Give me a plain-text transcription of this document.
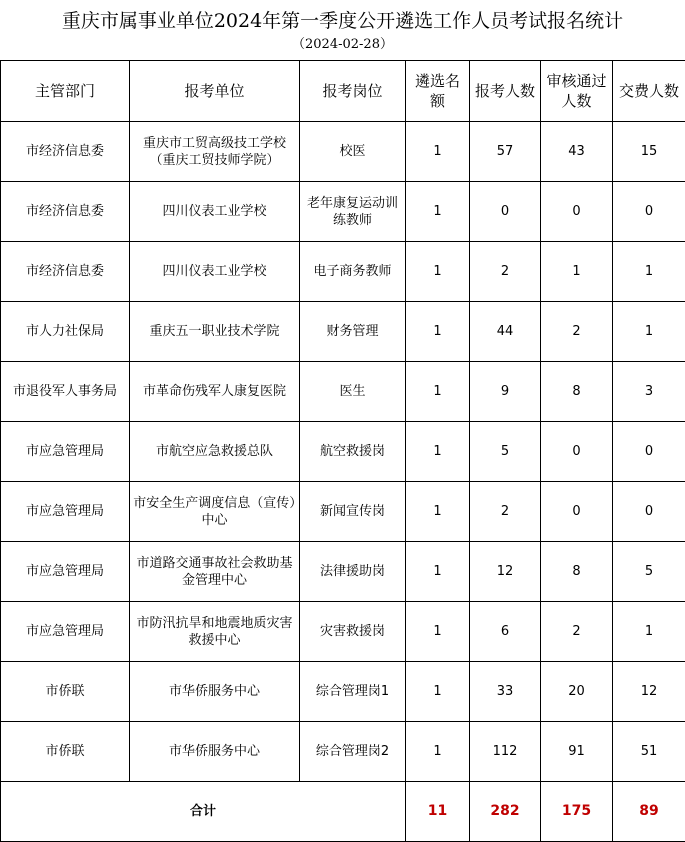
重庆市属事业单位2024年第一季度公开遴选工作人员考试报名统计
（2024-02-28）
主管部门	报考单位	报考岗位	遴选名额	报考人数	审核通过人数	交费人数
市经济信息委	重庆市工贸高级技工学校（重庆工贸技师学院）	校医	1	57	43	15
市经济信息委	四川仪表工业学校	老年康复运动训练教师	1	0	0	0
市经济信息委	四川仪表工业学校	电子商务教师	1	2	1	1
市人力社保局	重庆五一职业技术学院	财务管理	1	44	2	1
市退役军人事务局	市革命伤残军人康复医院	医生	1	9	8	3
市应急管理局	市航空应急救援总队	航空救援岗	1	5	0	0
市应急管理局	市安全生产调度信息（宣传）中心	新闻宣传岗	1	2	0	0
市应急管理局	市道路交通事故社会救助基金管理中心	法律援助岗	1	12	8	5
市应急管理局	市防汛抗旱和地震地质灾害救援中心	灾害救援岗	1	6	2	1
市侨联	市华侨服务中心	综合管理岗1	1	33	20	12
市侨联	市华侨服务中心	综合管理岗2	1	112	91	51
合计			11	282	175	89
